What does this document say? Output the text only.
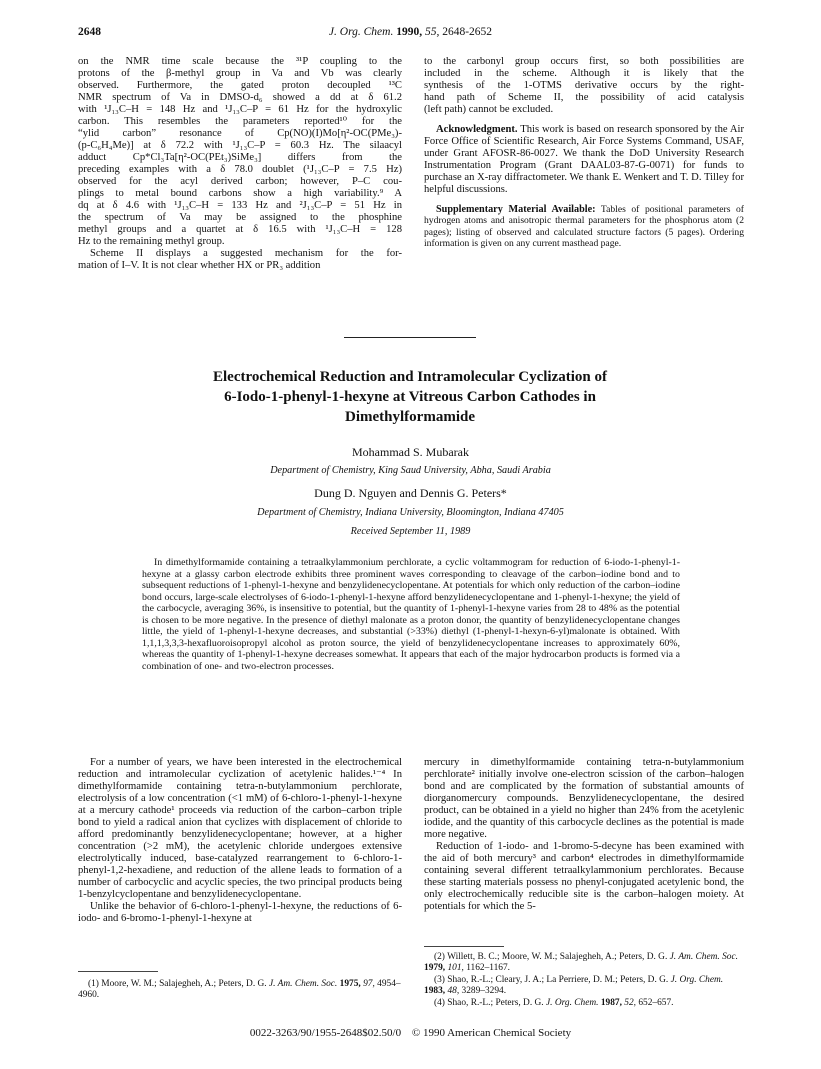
2648	J. Org. Chem. 1990, 55, 2648-2652
on the NMR time scale because the ³¹P coupling to the
protons of the β-methyl group in Va and Vb was clearly
observed. Furthermore, the gated proton decoupled ¹³C
NMR spectrum of Va in DMSO-d₆ showed a dd at δ 61.2
with ¹J₁₃C–H = 148 Hz and ¹J₁₃C–P = 61 Hz for the hydroxylic
carbon. This resembles the parameters reported¹⁰ for the
“ylid carbon” resonance of Cp(NO)(I)Mo[η²-OC(PMe₃)-
(p-C₆H₄Me)] at δ 72.2 with ¹J₁₃C–P = 60.3 Hz. The silaacyl
adduct Cp*Cl₃Ta[η²-OC(PEt₃)SiMe₃] differs from the
preceding examples with a δ 78.0 doublet (¹J₁₃C–P = 7.5 Hz)
observed for the acyl derived carbon; however, P–C cou-
plings to metal bound carbons show a high variability.⁹ A
dq at δ 4.6 with ¹J₁₃C–H = 133 Hz and ²J₁₃C–P = 51 Hz in
the spectrum of Va may be assigned to the phosphine
methyl groups and a quartet at δ 16.5 with ¹J₁₃C–H = 128
Hz to the remaining methyl group.
Scheme II displays a suggested mechanism for the for-
mation of I–V. It is not clear whether HX or PR₃ addition
to the carbonyl group occurs first, so both possibilities are
included in the scheme. Although it is likely that the
synthesis of the 1-OTMS derivative occurs by the right-
hand path of Scheme II, the possibility of acid catalysis
(left path) cannot be excluded.

Acknowledgment. This work is based on research sponsored by the Air Force Office of Scientific Research, Air Force Systems Command, USAF, under Grant AFOSR-86-0027. We thank the DoD University Research Instrumentation Program (Grant DAAL03-87-G-0071) for funds to purchase an X-ray diffractometer. We thank E. Wenkert and T. D. Tilley for helpful discussions.

Supplementary Material Available: Tables of positional parameters of hydrogen atoms and anisotropic thermal parameters for the phosphorus atom (2 pages); listing of observed and calculated structure factors (5 pages). Ordering information is given on any current masthead page.

Electrochemical Reduction and Intramolecular Cyclization of
6-Iodo-1-phenyl-1-hexyne at Vitreous Carbon Cathodes in
Dimethylformamide
Mohammad S. Mubarak
Department of Chemistry, King Saud University, Abha, Saudi Arabia
Dung D. Nguyen and Dennis G. Peters*
Department of Chemistry, Indiana University, Bloomington, Indiana 47405
Received September 11, 1989

In dimethylformamide containing a tetraalkylammonium perchlorate, a cyclic voltammogram for reduction of 6-iodo-1-phenyl-1-hexyne at a glassy carbon electrode exhibits three prominent waves corresponding to cleavage of the carbon–iodine bond and to subsequent reductions of 1-phenyl-1-hexyne and benzylidenecyclopentane. At potentials for which only reduction of the carbon–iodine bond occurs, large-scale electrolyses of 6-iodo-1-phenyl-1-hexyne afford benzylidenecyclopentane and 1-phenyl-1-hexyne; the yield of the carbocycle, averaging 36%, is insensitive to potential, but the quantity of 1-phenyl-1-hexyne varies from 28 to 48% as the potential is chosen to be more negative. In the presence of diethyl malonate as a proton donor, the quantity of benzylidenecyclopentane changes little, the yield of 1-phenyl-1-hexyne decreases, and substantial (>33%) diethyl (1-phenyl-1-hexyn-6-yl)malonate is obtained. With 1,1,1,3,3,3-hexafluoroisopropyl alcohol as proton source, the yield of benzylidenecyclopentane increases to approximately 60%, whereas the quantity of 1-phenyl-1-hexyne decreases somewhat. It appears that each of the major hydrocarbon products is formed via a combination of one- and two-electron processes.

For a number of years, we have been interested in the electrochemical reduction and intramolecular cyclization of acetylenic halides.¹⁻⁴ In dimethylformamide containing tetra-n-butylammonium perchlorate, electrolysis of a low concentration (<1 mM) of 6-chloro-1-phenyl-1-hexyne at a mercury cathode¹ proceeds via reduction of the carbon–carbon triple bond to yield a radical anion that cyclizes with displacement of chloride to afford predominantly benzylidenecyclopentane; however, at a higher concentration (>2 mM), the acetylenic chloride undergoes extensive electrolytically induced, base-catalyzed rearrangement to 6-chloro-1-phenyl-1,2-hexadiene, and reduction of the allene leads to formation of a number of carbocyclic and acyclic species, the two principal products being 1-benzylcyclopentane and benzylidenecyclopentane.

Unlike the behavior of 6-chloro-1-phenyl-1-hexyne, the reductions of 6-iodo- and 6-bromo-1-phenyl-1-hexyne at

mercury in dimethylformamide containing tetra-n-butylammonium perchlorate² initially involve one-electron scission of the carbon–halogen bond and are complicated by the formation of substantial amounts of diorganomercury compounds. Benzylidenecyclopentane, the desired product, can be obtained in a yield no higher than 24% from the acetylenic iodide, and the quantity of this carbocycle declines as the potential is made more negative.

Reduction of 1-iodo- and 1-bromo-5-decyne has been examined with the aid of both mercury³ and carbon⁴ electrodes in dimethylformamide containing several different tetraalkylammonium perchlorates. Because these starting materials possess no phenyl-conjugated acetylenic bond, the only electrochemically reducible site is the carbon–halogen moiety. At potentials for which the 5-

(1) Moore, W. M.; Salajegheh, A.; Peters, D. G. J. Am. Chem. Soc. 1975, 97, 4954–4960.

(2) Willett, B. C.; Moore, W. M.; Salajegheh, A.; Peters, D. G. J. Am. Chem. Soc. 1979, 101, 1162–1167.

(3) Shao, R.-L.; Cleary, J. A.; La Perriere, D. M.; Peters, D. G. J. Org. Chem. 1983, 48, 3289–3294.

(4) Shao, R.-L.; Peters, D. G. J. Org. Chem. 1987, 52, 652–657.

0022-3263/90/1955-2648$02.50/0 © 1990 American Chemical Society
